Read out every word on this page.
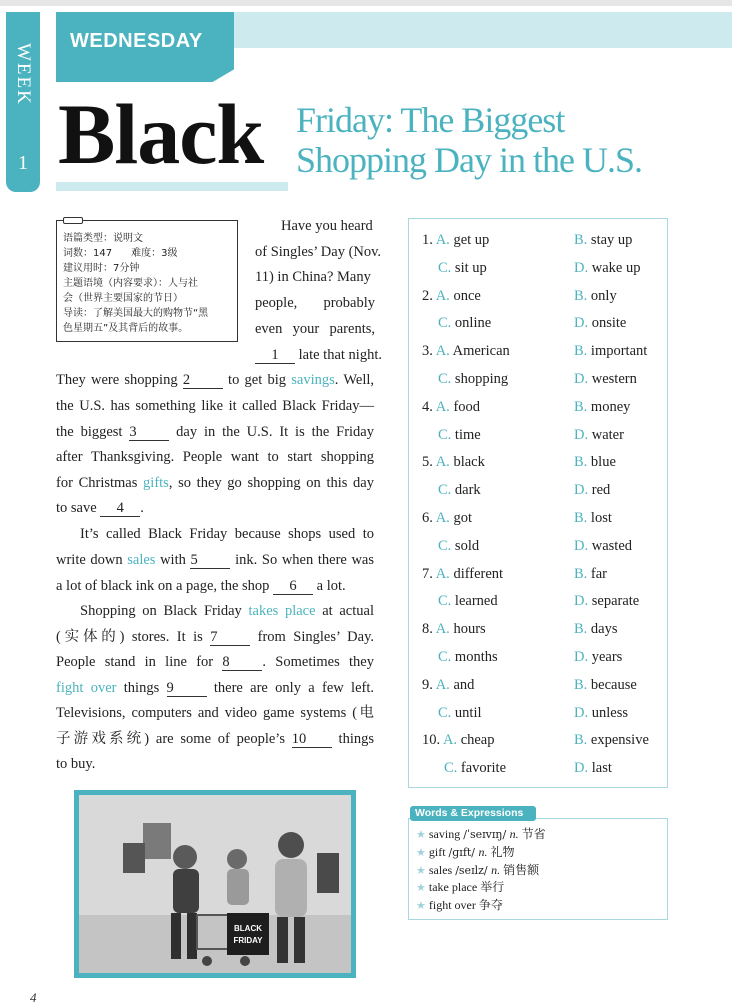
WEEK
1
WEDNESDAY
Black Friday: The Biggest
Shopping Day in the U.S.
语篇类型：说明文
词数：147      难度：3级
建议用时：7分钟
主题语境（内容要求）：人与社
会（世界主要国家的节日）
导读：了解美国最大的购物节“黑
色星期五”及其背后的故事。
Have you heard
of Singles’ Day (Nov.
11) in China? Many
people, probably
even your parents,
1 late that night.
They were shopping 2 to get big savings. Well,
the U.S. has something like it called Black Friday—
the biggest 3 day in the U.S. It is the Friday
after Thanksgiving. People want to start shopping
for Christmas gifts, so they go shopping on this day
to save 4 .
It’s called Black Friday because shops used to
write down sales with 5 ink. So when there was
a lot of black ink on a page, the shop 6 a lot.
Shopping on Black Friday takes place at actual
(实体的) stores. It is 7 from Singles’ Day.
People stand in line for 8 . Sometimes they
fight over things 9 there are only a few left.
Televisions, computers and video game systems (电
子游戏系统) are some of people’s 10 things
to buy.
BLACK
FRIDAY
1. A. get up	B. stay up
C. sit up	D. wake up
2. A. once	B. only
C. online	D. onsite
3. A. American	B. important
C. shopping	D. western
4. A. food	B. money
C. time	D. water
5. A. black	B. blue
C. dark	D. red
6. A. got	B. lost
C. sold	D. wasted
7. A. different	B. far
C. learned	D. separate
8. A. hours	B. days
C. months	D. years
9. A. and	B. because
C. until	D. unless
10. A. cheap	B. expensive
C. favorite	D. last
Words & Expressions
★ saving /ˈseɪvɪŋ/ n. 节省
★ gift /ɡɪft/ n. 礼物
★ sales /seɪlz/ n. 销售额
★ take place 举行
★ fight over 争夺
4
